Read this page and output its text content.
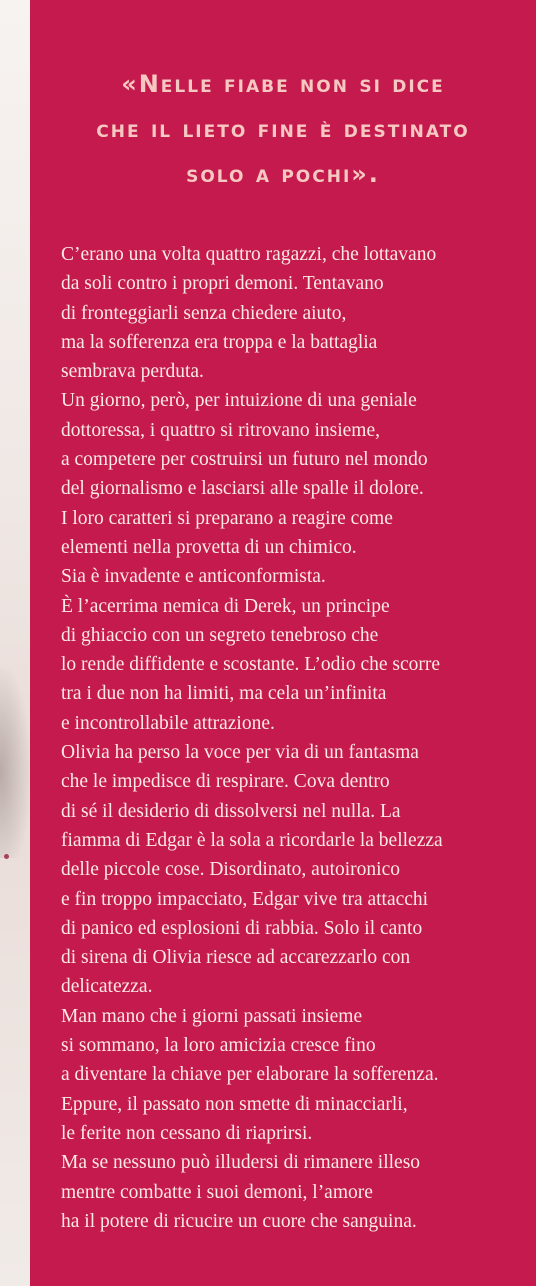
«Nelle fiabe non si dice
che il lieto fine è destinato
solo a pochi».
C’erano una volta quattro ragazzi, che lottavano
da soli contro i propri demoni. Tentavano
di fronteggiarli senza chiedere aiuto,
ma la sofferenza era troppa e la battaglia
sembrava perduta.
Un giorno, però, per intuizione di una geniale
dottoressa, i quattro si ritrovano insieme,
a competere per costruirsi un futuro nel mondo
del giornalismo e lasciarsi alle spalle il dolore.
I loro caratteri si preparano a reagire come
elementi nella provetta di un chimico.
Sia è invadente e anticonformista.
È l’acerrima nemica di Derek, un principe
di ghiaccio con un segreto tenebroso che
lo rende diffidente e scostante. L’odio che scorre
tra i due non ha limiti, ma cela un’infinita
e incontrollabile attrazione.
Olivia ha perso la voce per via di un fantasma
che le impedisce di respirare. Cova dentro
di sé il desiderio di dissolversi nel nulla. La
fiamma di Edgar è la sola a ricordarle la bellezza
delle piccole cose. Disordinato, autoironico
e fin troppo impacciato, Edgar vive tra attacchi
di panico ed esplosioni di rabbia. Solo il canto
di sirena di Olivia riesce ad accarezzarlo con
delicatezza.
Man mano che i giorni passati insieme
si sommano, la loro amicizia cresce fino
a diventare la chiave per elaborare la sofferenza.
Eppure, il passato non smette di minacciarli,
le ferite non cessano di riaprirsi.
Ma se nessuno può illudersi di rimanere illeso
mentre combatte i suoi demoni, l’amore
ha il potere di ricucire un cuore che sanguina.
